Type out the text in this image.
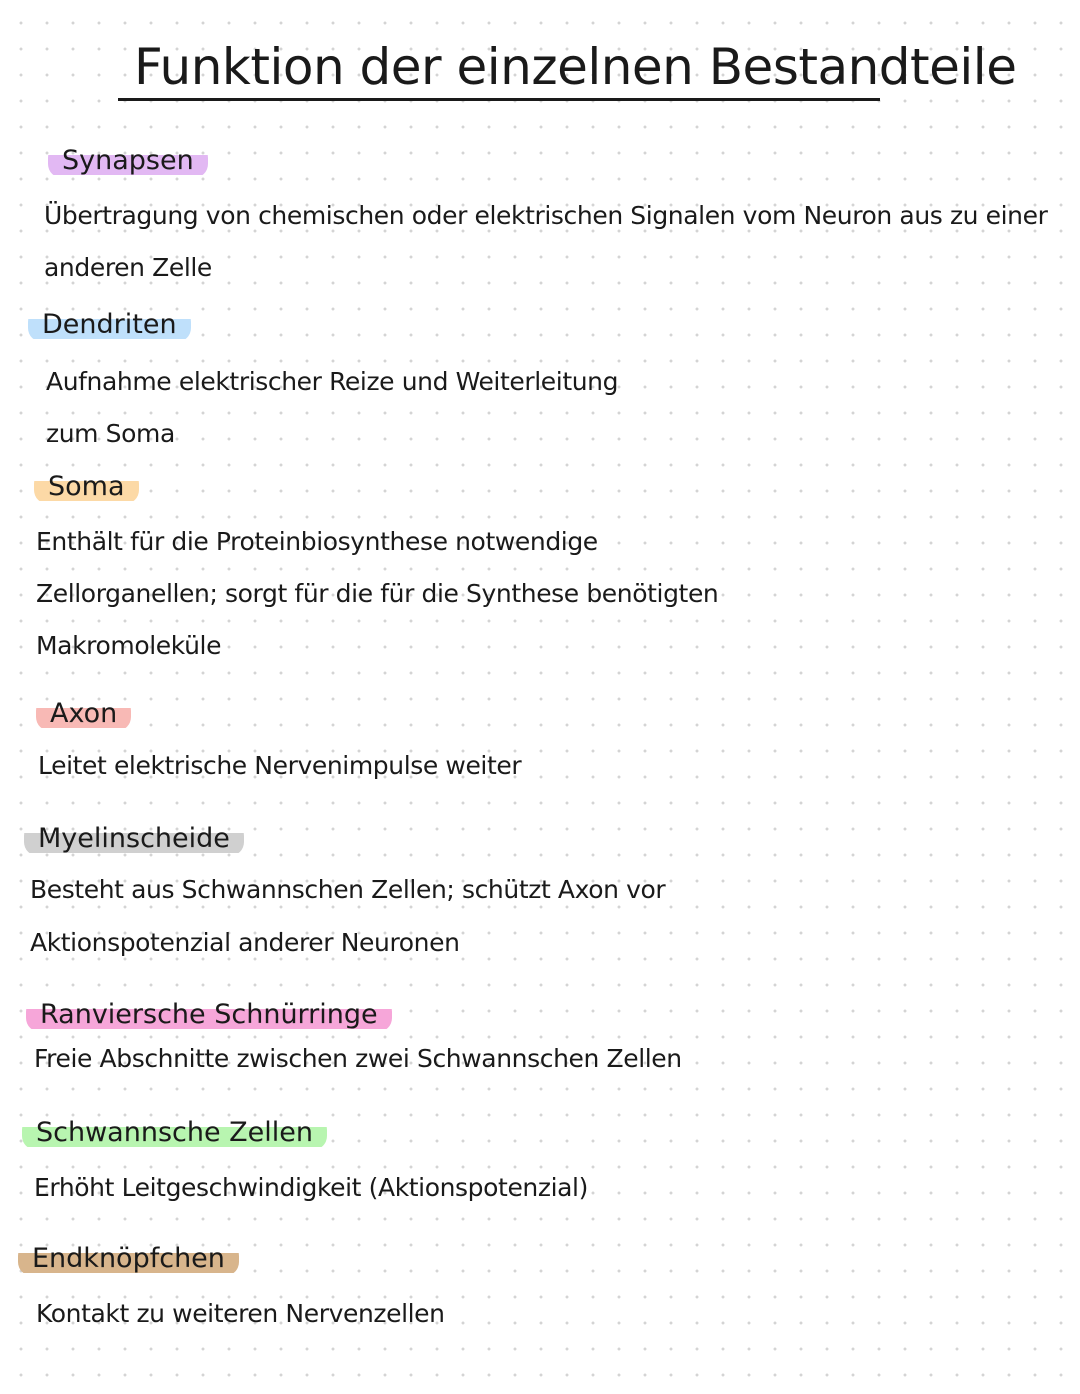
Funktion der einzelnen Bestandteile
Synapsen

Übertragung von chemischen oder elektrischen Signalen vom Neuron aus zu einer

anderen Zelle

Dendriten

Aufnahme elektrischer Reize und Weiterleitung

zum Soma

Soma

Enthält für die Proteinbiosynthese notwendige

Zellorganellen; sorgt für die für die Synthese benötigten

Makromoleküle

Axon

Leitet elektrische Nervenimpulse weiter

Myelinscheide

Besteht aus Schwannschen Zellen; schützt Axon vor

Aktionspotenzial anderer Neuronen

Ranviersche Schnürringe

Freie Abschnitte zwischen zwei Schwannschen Zellen

Schwannsche Zellen

Erhöht Leitgeschwindigkeit (Aktionspotenzial)

Endknöpfchen

Kontakt zu weiteren Nervenzellen
